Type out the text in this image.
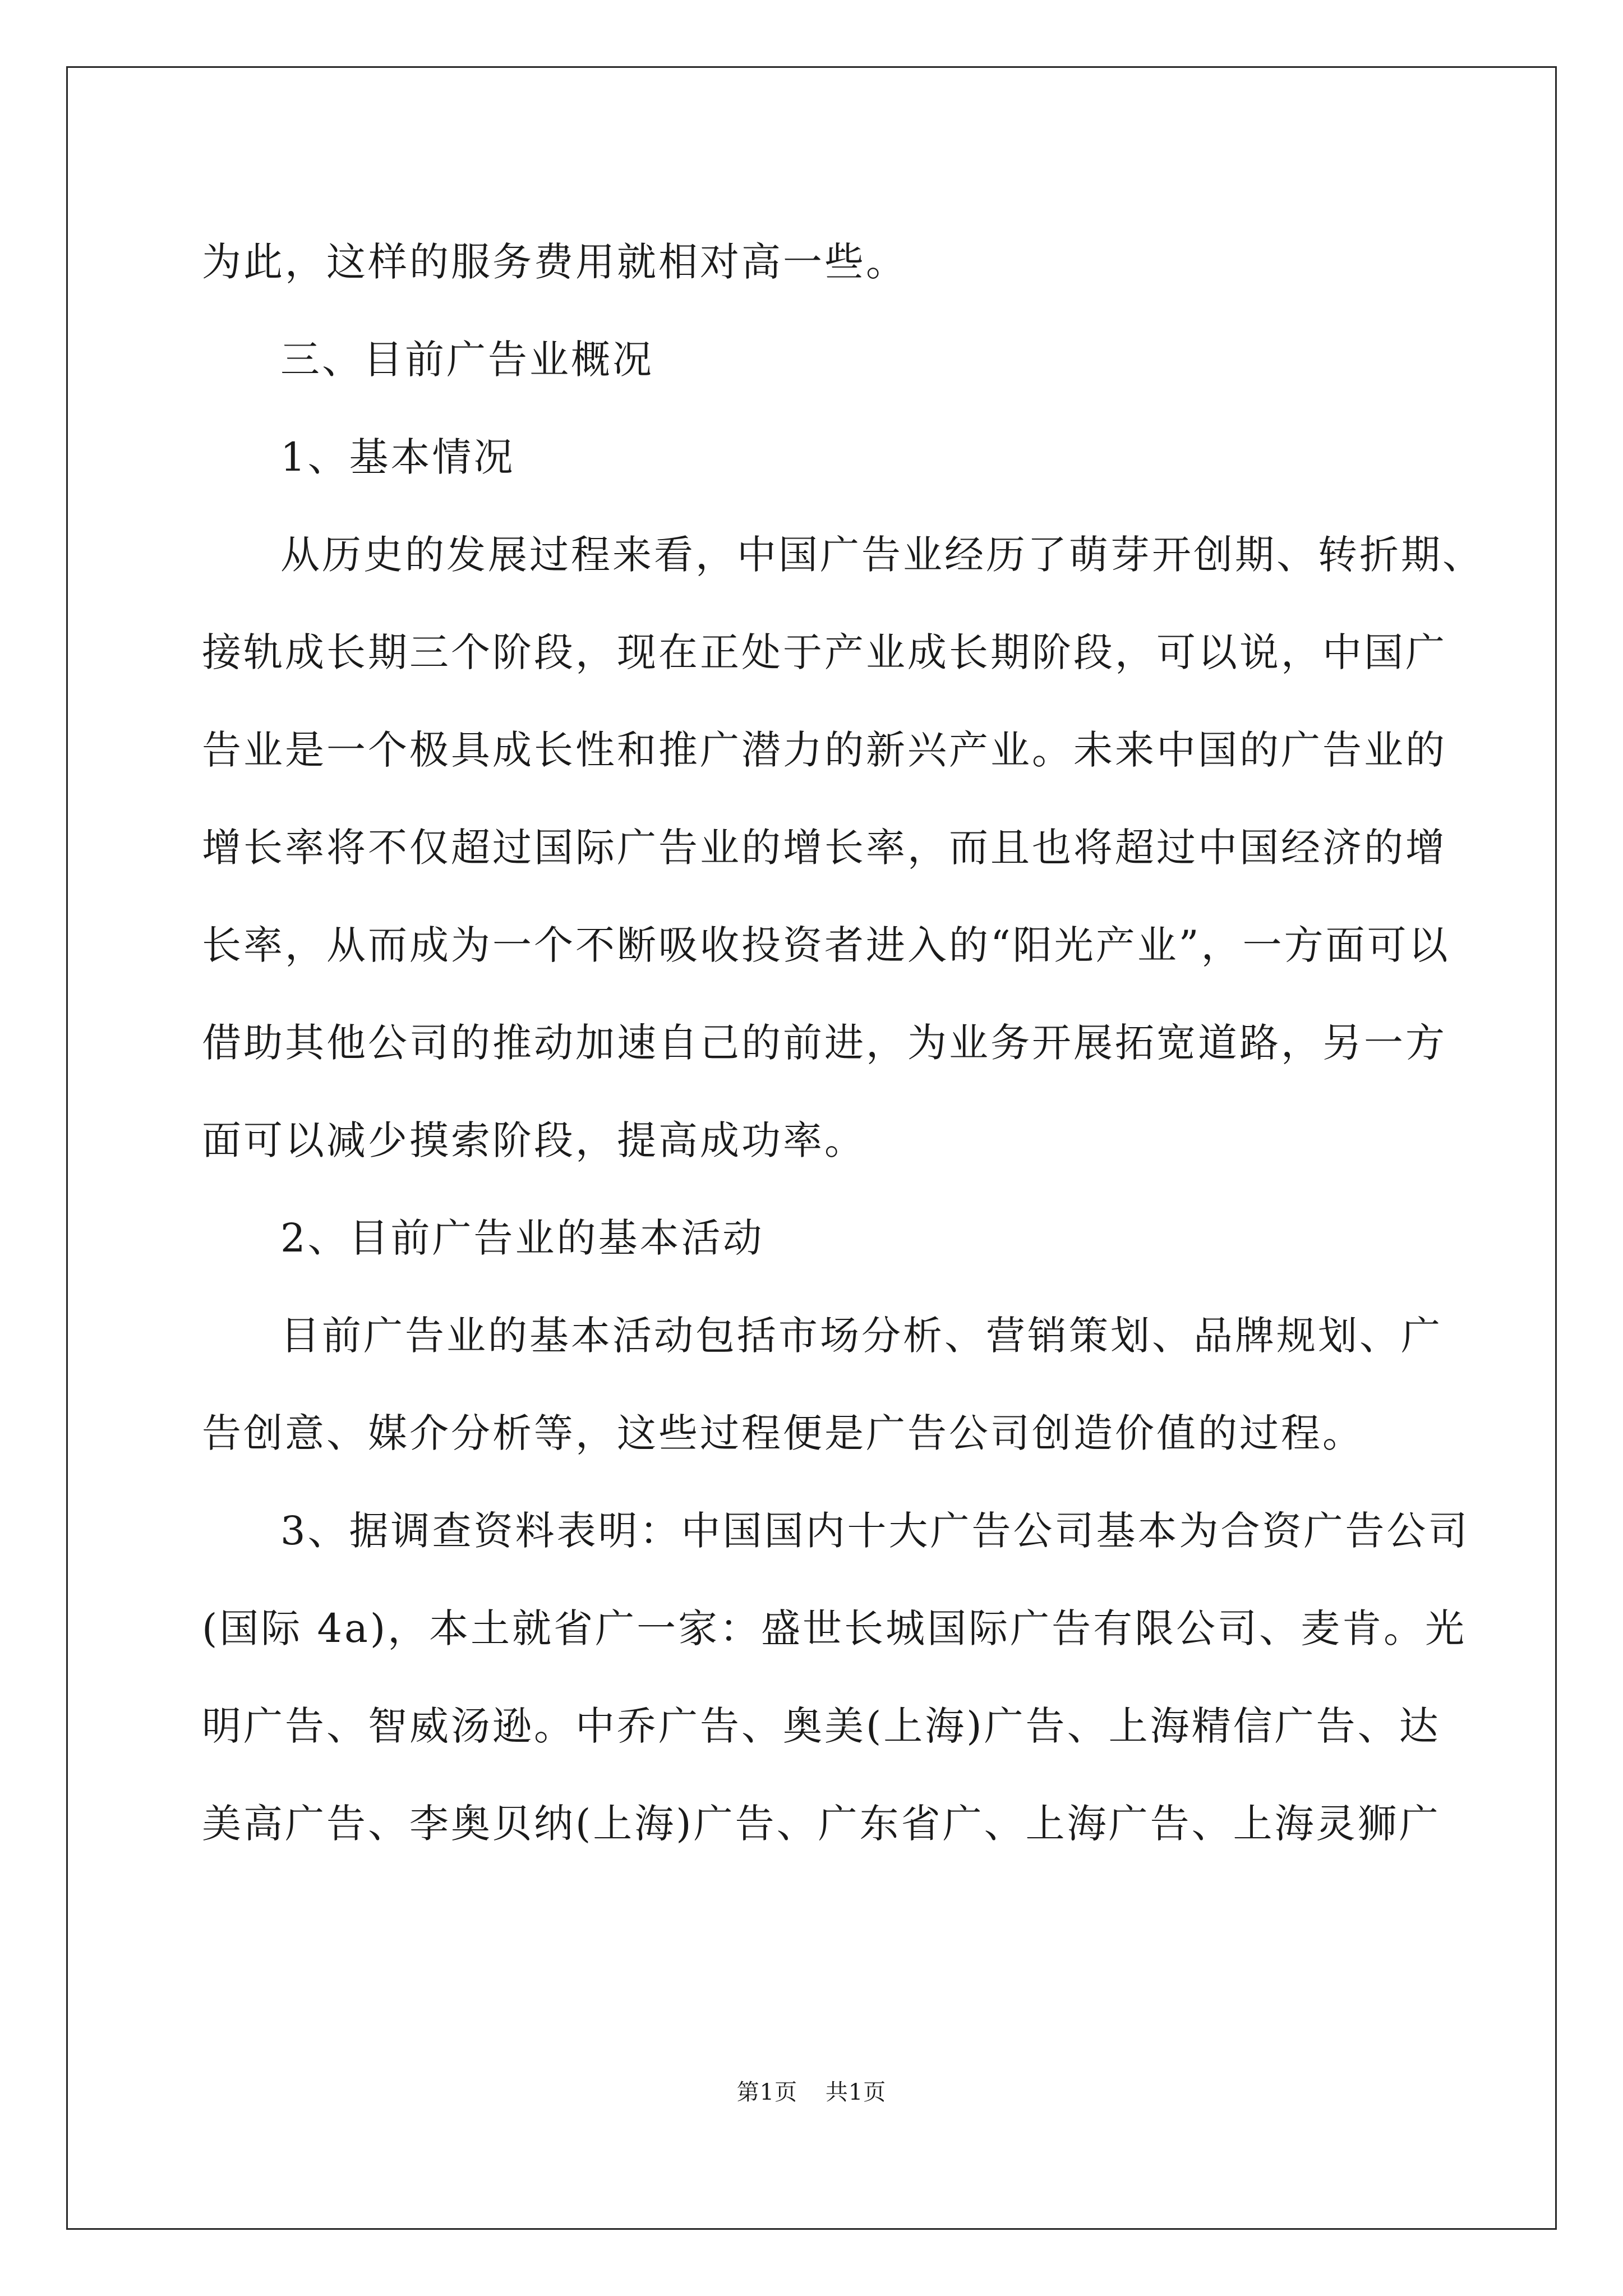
为此，这样的服务费用就相对高一些。

三、目前广告业概况

1、基本情况

从历史的发展过程来看，中国广告业经历了萌芽开创期、转折期、

接轨成长期三个阶段，现在正处于产业成长期阶段，可以说，中国广

告业是一个极具成长性和推广潜力的新兴产业。未来中国的广告业的

增长率将不仅超过国际广告业的增长率，而且也将超过中国经济的增

长率，从而成为一个不断吸收投资者进入的“阳光产业”，一方面可以

借助其他公司的推动加速自己的前进，为业务开展拓宽道路，另一方

面可以减少摸索阶段，提高成功率。

2、目前广告业的基本活动

目前广告业的基本活动包括市场分析、营销策划、品牌规划、广

告创意、媒介分析等，这些过程便是广告公司创造价值的过程。

3、据调查资料表明：中国国内十大广告公司基本为合资广告公司

(国际 4a)，本土就省广一家：盛世长城国际广告有限公司、麦肯。光

明广告、智威汤逊。中乔广告、奥美(上海)广告、上海精信广告、达

美高广告、李奥贝纳(上海)广告、广东省广、上海广告、上海灵狮广

第1页 共1页
